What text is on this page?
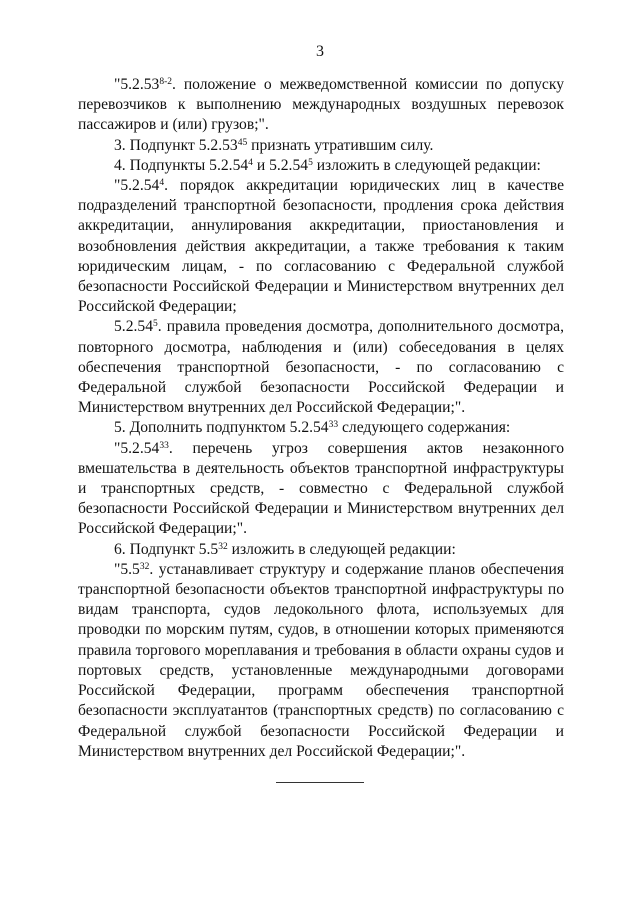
3

"5.2.53$^{8-2}$. положение о межведомственной комиссии по допуску перевозчиков к выполнению международных воздушных перевозок пассажиров и (или) грузов;".

3. Подпункт 5.2.53$^{45}$ признать утратившим силу.

4. Подпункты 5.2.54$^4$ и 5.2.54$^5$ изложить в следующей редакции:

"5.2.54$^4$. порядок аккредитации юридических лиц в качестве подразделений транспортной безопасности, продления срока действия аккредитации, аннулирования аккредитации, приостановления и возобновления действия аккредитации, а также требования к таким юридическим лицам, - по согласованию с Федеральной службой безопасности Российской Федерации и Министерством внутренних дел Российской Федерации;

5.2.54$^5$. правила проведения досмотра, дополнительного досмотра, повторного досмотра, наблюдения и (или) собеседования в целях обеспечения транспортной безопасности, - по согласованию с Федеральной службой безопасности Российской Федерации и Министерством внутренних дел Российской Федерации;".

5. Дополнить подпунктом 5.2.54$^{33}$ следующего содержания:

"5.2.54$^{33}$. перечень угроз совершения актов незаконного вмешательства в деятельность объектов транспортной инфраструктуры и транспортных средств, - совместно с Федеральной службой безопасности Российской Федерации и Министерством внутренних дел Российской Федерации;".

6. Подпункт $5.5^{32}$ изложить в следующей редакции:

"$5.5^{32}$. устанавливает структуру и содержание планов обеспечения транспортной безопасности объектов транспортной инфраструктуры по видам транспорта, судов ледокольного флота, используемых для проводки по морским путям, судов, в отношении которых применяются правила торгового мореплавания и требования в области охраны судов и портовых средств, установленные международными договорами Российской Федерации, программ обеспечения транспортной безопасности эксплуатантов (транспортных средств) по согласованию с Федеральной службой безопасности Российской Федерации и Министерством внутренних дел Российской Федерации;".
